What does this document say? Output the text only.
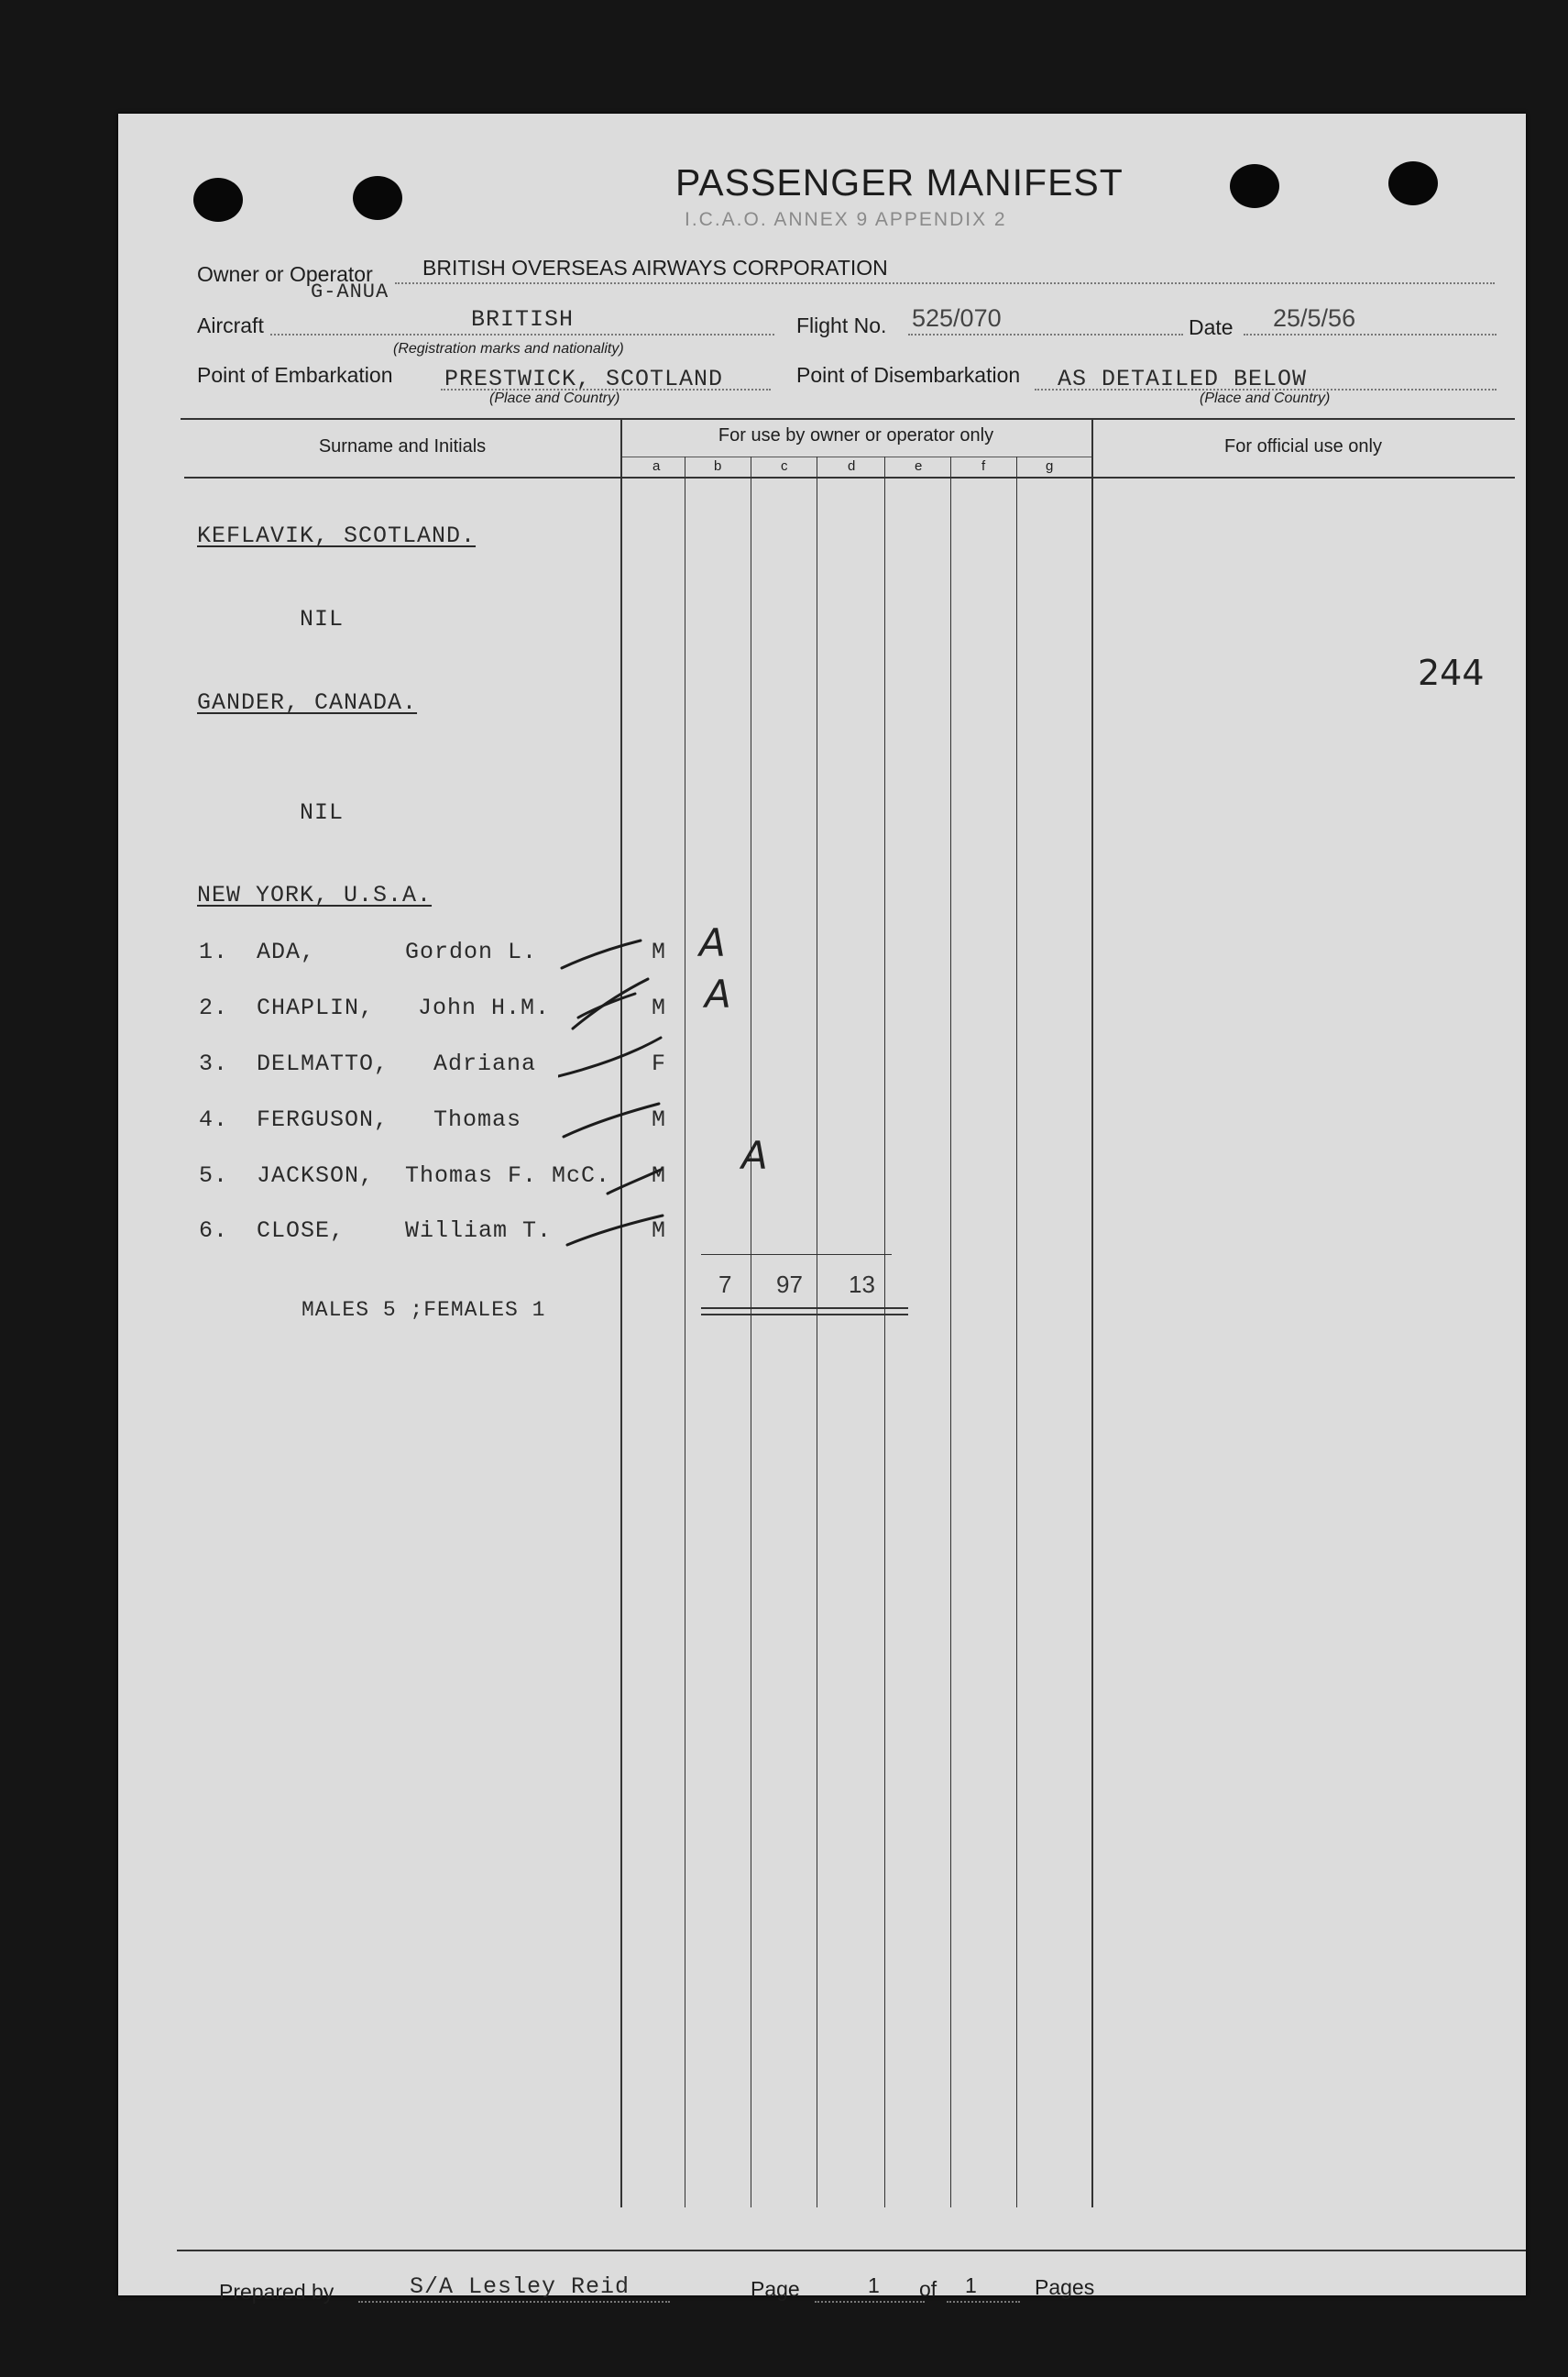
PASSENGER MANIFEST
I.C.A.O. ANNEX 9 APPENDIX 2
Owner or Operator BRITISH OVERSEAS AIRWAYS CORPORATION
G-ANUA
Aircraft	BRITISH
(Registration marks and nationality)
Flight No. 525/070	Date 25/5/56
Point of Embarkation PRESTWICK, SCOTLAND
(Place and Country)
Point of Disembarkation AS DETAILED BELOW
(Place and Country)
Surname and Initials
For use by owner or operator only
For official use only
a	b	c	d	e	f	g
KEFLAVIK, SCOTLAND.
NIL
GANDER, CANADA.
NIL
NEW YORK, U.S.A.
1. ADA,	Gordon L.	M A
2. CHAPLIN, John H.M.	M A
3. DELMATTO, Adriana	F
4. FERGUSON, Thomas	M
5. JACKSON, Thomas F. McC. M A
6. CLOSE,	William T.	M
7 97 13
MALES 5 ;FEMALES 1
244
Prepared by	S/A Lesley Reid	Page	1 of 1	Pages
